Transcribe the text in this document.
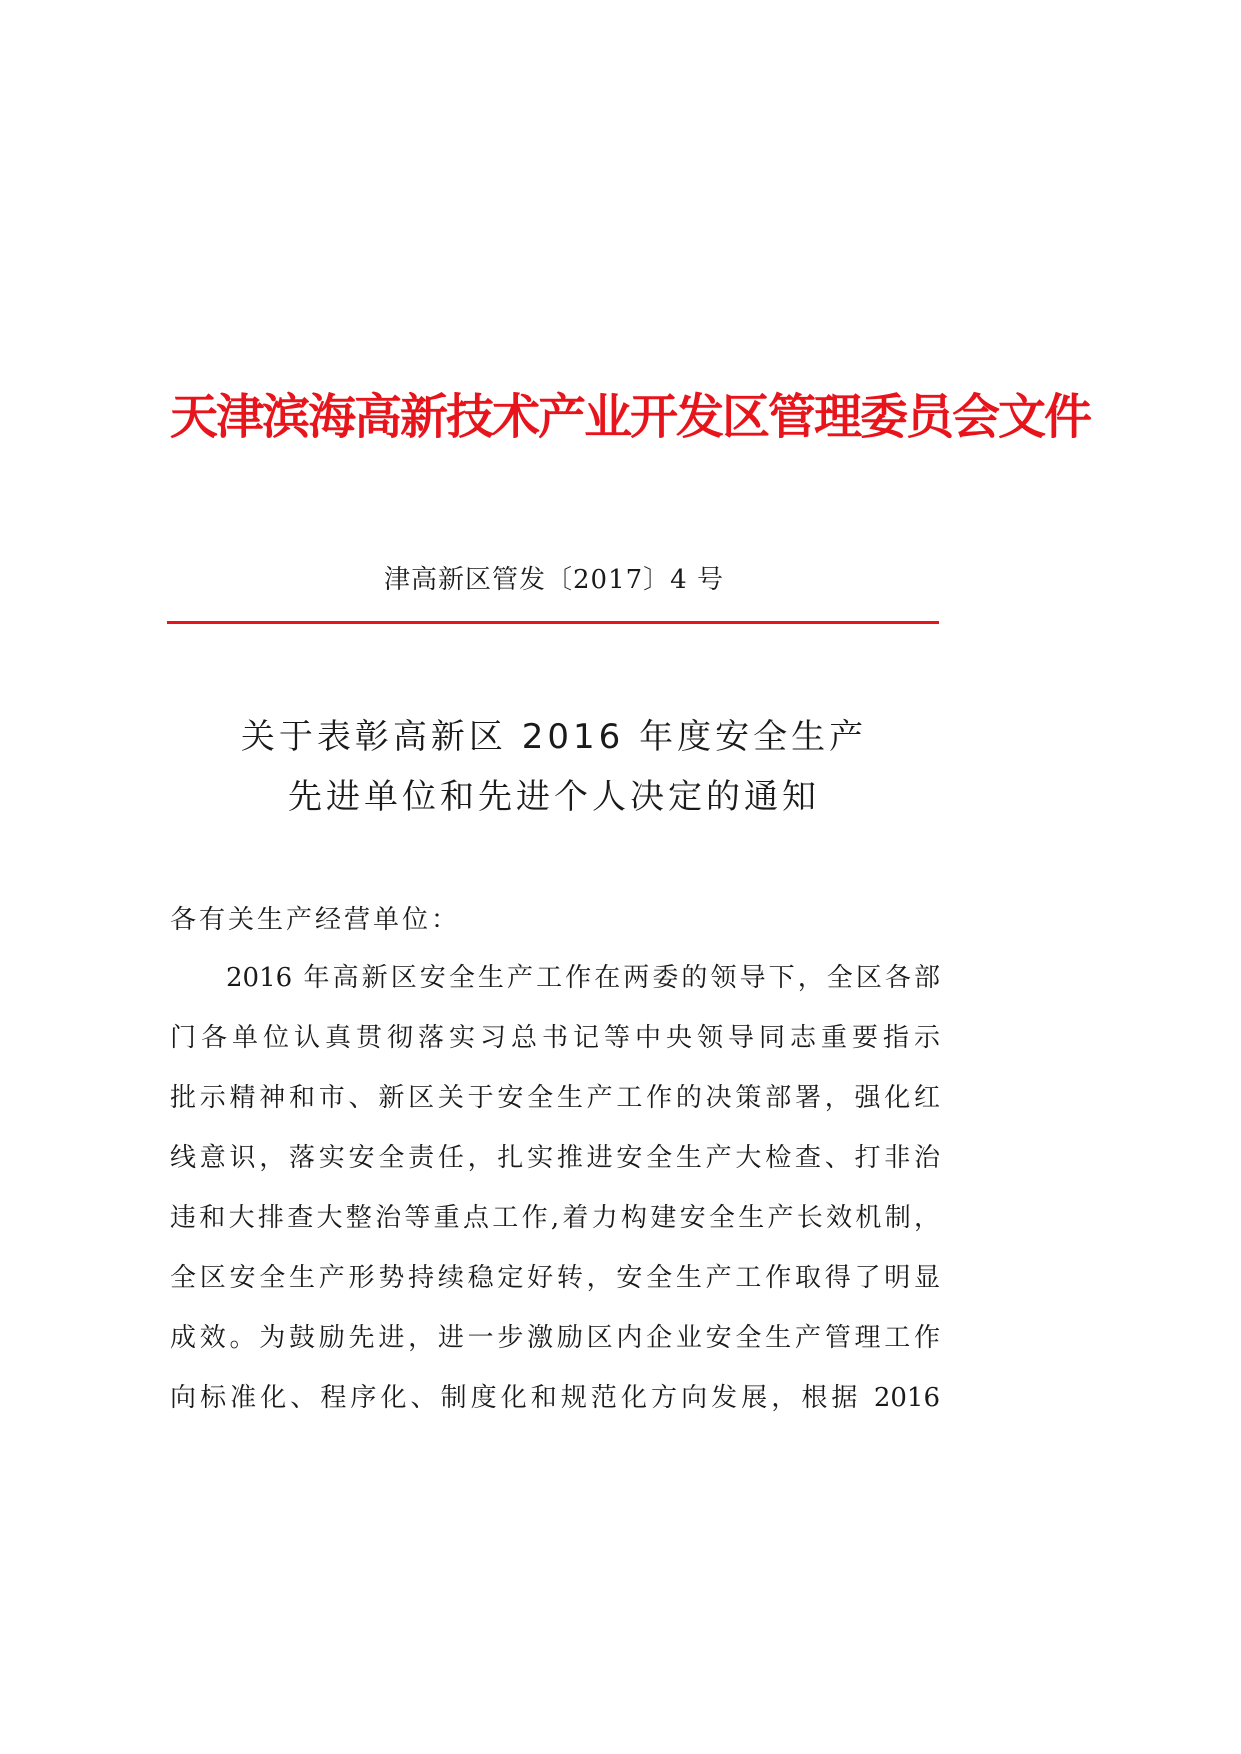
天津滨海高新技术产业开发区管理委员会文件
津高新区管发〔2017〕4 号
关于表彰高新区 2016 年度安全生产
先进单位和先进个人决定的通知
各有关生产经营单位：
2016 年高新区安全生产工作在两委的领导下，全区各部
门各单位认真贯彻落实习总书记等中央领导同志重要指示
批示精神和市、新区关于安全生产工作的决策部署，强化红
线意识，落实安全责任，扎实推进安全生产大检查、打非治
违和大排查大整治等重点工作,着力构建安全生产长效机制，
全区安全生产形势持续稳定好转，安全生产工作取得了明显
成效。为鼓励先进，进一步激励区内企业安全生产管理工作
向标准化、程序化、制度化和规范化方向发展，根据 2016
